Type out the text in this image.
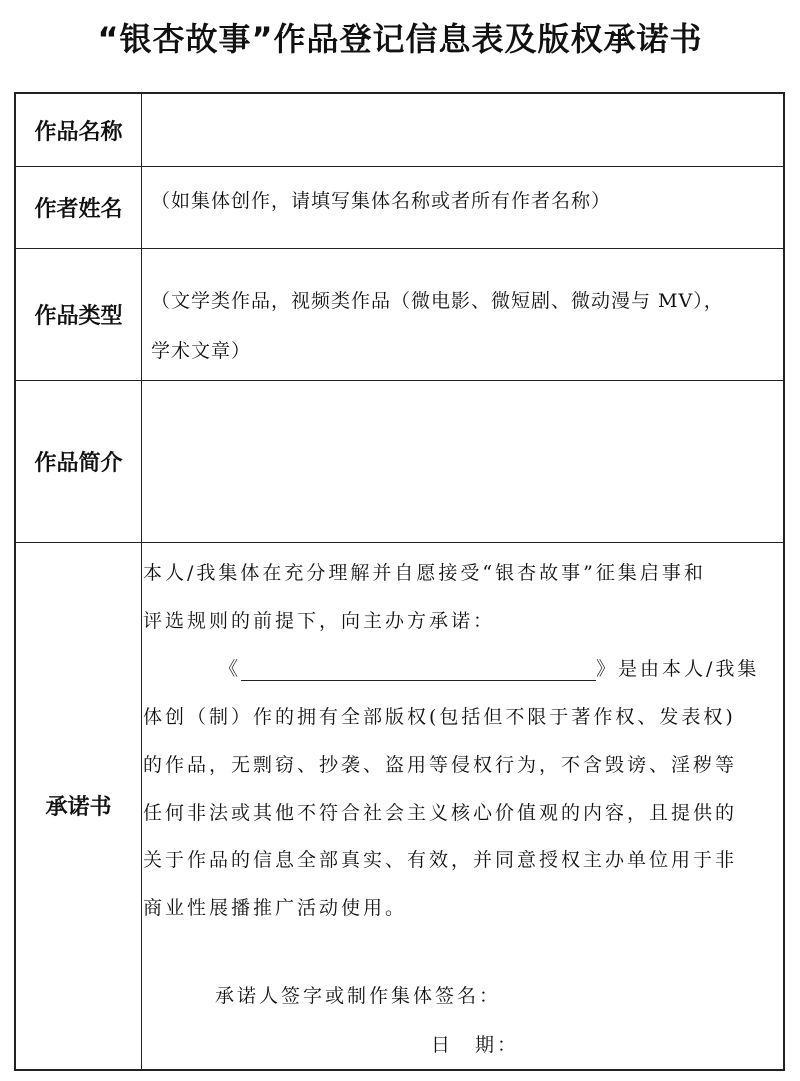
“银杏故事”作品登记信息表及版权承诺书
作品名称
作者姓名	（如集体创作，请填写集体名称或者所有作者名称）
作品类型
（文学类作品，视频类作品（微电影、微短剧、微动漫与 MV），
学术文章）
作品简介
承诺书
本人/我集体在充分理解并自愿接受“银杏故事”征集启事和
评选规则的前提下，向主办方承诺：
《	》是由本人/我集
体创（制）作的拥有全部版权(包括但不限于著作权、发表权)
的作品，无剽窃、抄袭、盗用等侵权行为，不含毁谤、淫秽等
任何非法或其他不符合社会主义核心价值观的内容，且提供的
关于作品的信息全部真实、有效，并同意授权主办单位用于非
商业性展播推广活动使用。
承诺人签字或制作集体签名：
日　期：
